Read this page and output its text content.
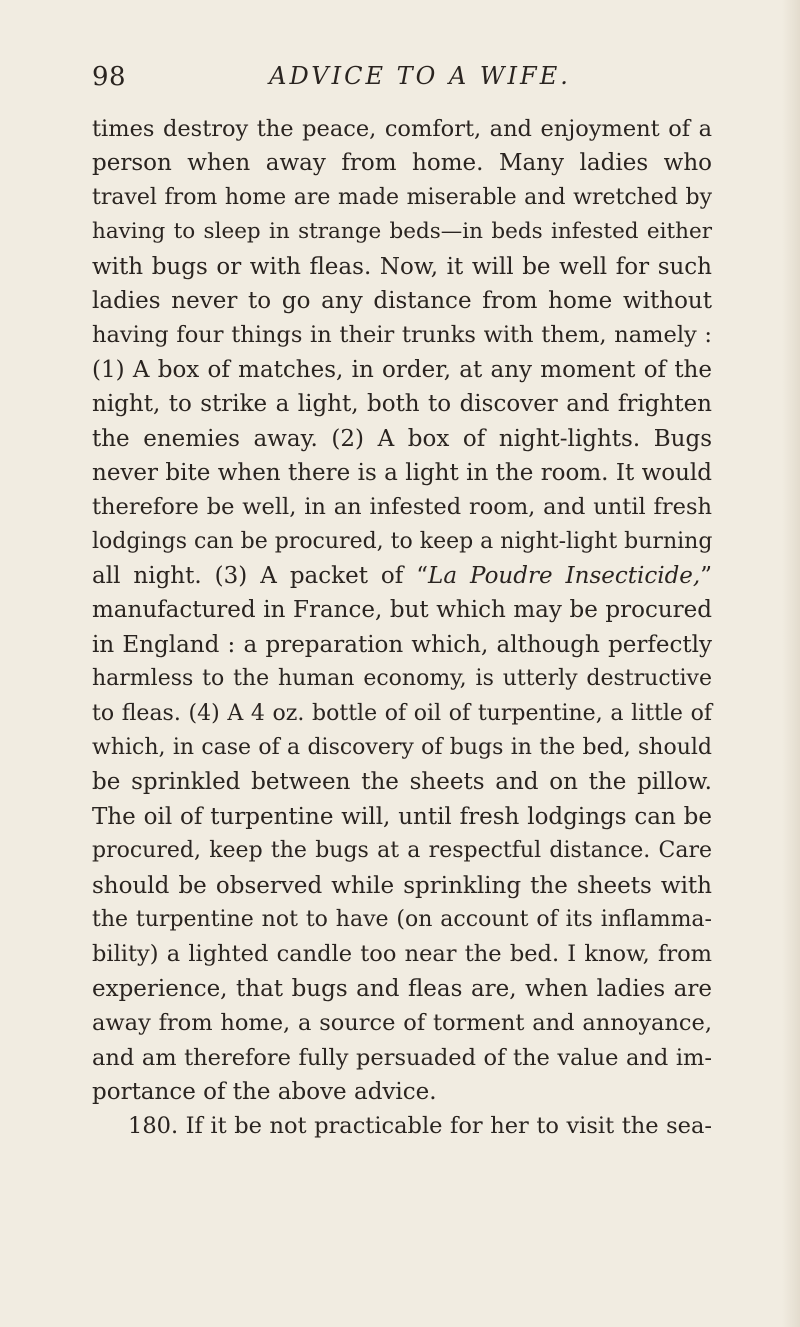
98	ADVICE TO A WIFE.
times destroy the peace, comfort, and enjoyment of a
person when away from home. Many ladies who
travel from home are made miserable and wretched by
having to sleep in strange beds—in beds infested either
with bugs or with fleas. Now, it will be well for such
ladies never to go any distance from home without
having four things in their trunks with them, namely :
(1) A box of matches, in order, at any moment of the
night, to strike a light, both to discover and frighten
the enemies away. (2) A box of night-lights. Bugs
never bite when there is a light in the room. It would
therefore be well, in an infested room, and until fresh
lodgings can be procured, to keep a night-light burning
all night. (3) A packet of “La Poudre Insecticide,”
manufactured in France, but which may be procured
in England : a preparation which, although perfectly
harmless to the human economy, is utterly destructive
to fleas. (4) A 4 oz. bottle of oil of turpentine, a little of
which, in case of a discovery of bugs in the bed, should
be sprinkled between the sheets and on the pillow.
The oil of turpentine will, until fresh lodgings can be
procured, keep the bugs at a respectful distance. Care
should be observed while sprinkling the sheets with
the turpentine not to have (on account of its inflamma-
bility) a lighted candle too near the bed. I know, from
experience, that bugs and fleas are, when ladies are
away from home, a source of torment and annoyance,
and am therefore fully persuaded of the value and im-
portance of the above advice.
180. If it be not practicable for her to visit the sea-
